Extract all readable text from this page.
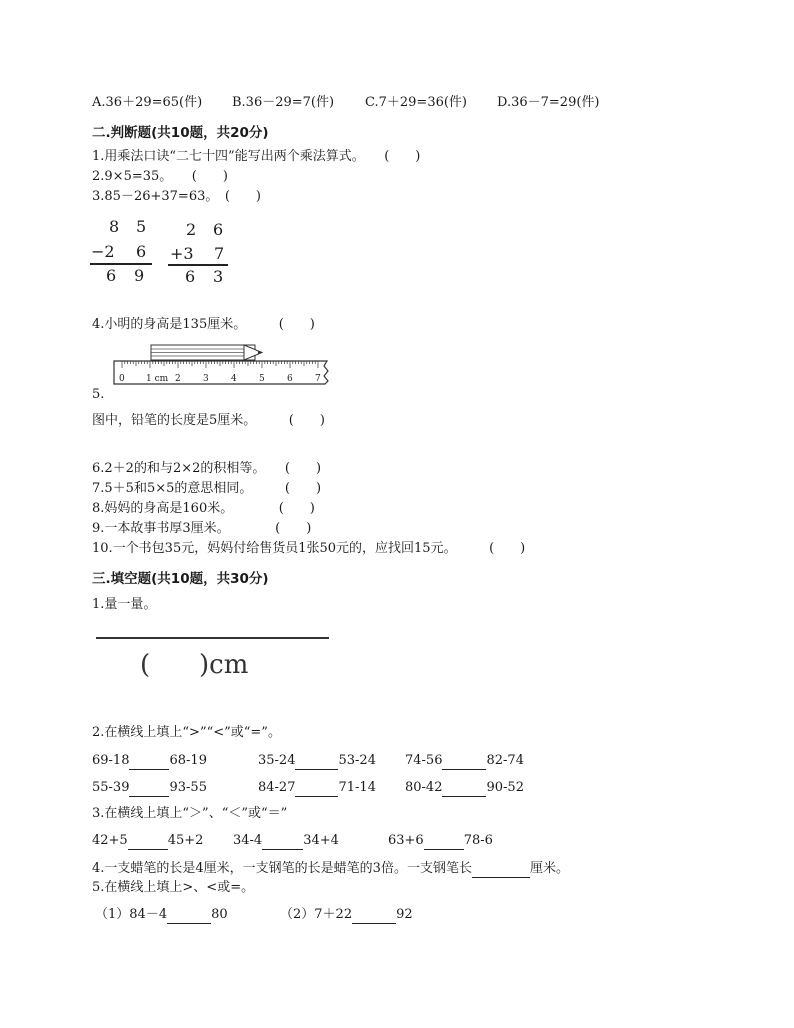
A.36＋29=65(件) B.36－29=7(件) C.7＋29=36(件) D.36－7=29(件)
二.判断题(共10题，共20分)
1.用乘法口诀“二七十四”能写出两个乘法算式。　　(　　)
2.9×5=35。　　(　　)
3.85－26+37=63。　(　　)
8 5
−2 6
6 9
2 6
+3 7
6 3
4.小明的身高是135厘米。　　　(　　)
0 1 cm 2 3 4 5 6 7
5.
图中，铅笔的长度是5厘米。　　　(　　)
6.2＋2的和与2×2的积相等。　　(　　)
7.5＋5和5×5的意思相同。　　　(　　)
8.妈妈的身高是160米。　　　　(　　)
9.一本故事书厚3厘米。　　　　(　　)
10.一个书包35元，妈妈付给售货员1张50元的，应找回15元。　　　(　　)
三.填空题(共10题，共30分)
1.量一量。
( )cm
2.在横线上填上“>”“<”或“=”。
69-18	68-19	35-24	53-24 74-56	82-74
55-39	93-55	84-27	71-14 80-42	90-52
3.在横线上填上“＞”、“＜”或“＝”
42+5	45+2 34-4	34+4	63+6	78-6
4.一支蜡笔的长是4厘米，一支钢笔的长是蜡笔的3倍。一支钢笔长	厘米。
5.在横线上填上>、<或=。
（1）84－4	80	（2）7＋22	92
